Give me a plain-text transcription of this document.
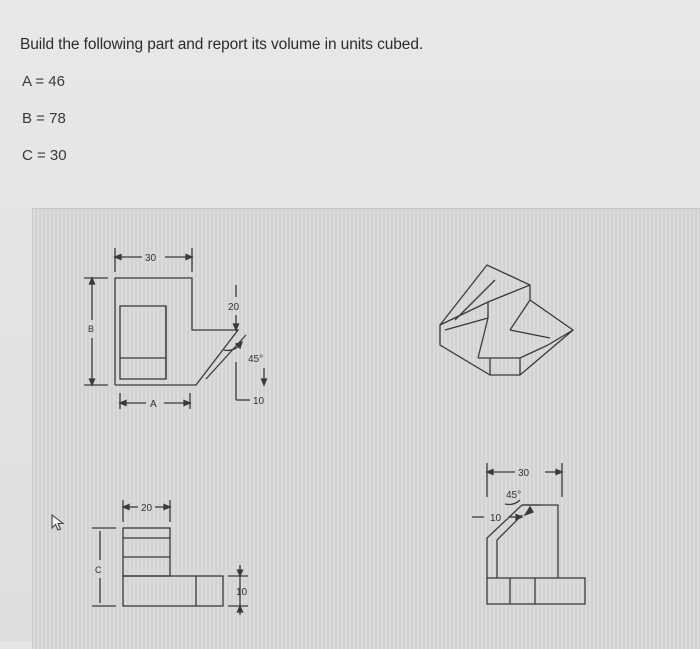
Build the following part and report its volume in units cubed.
A = 46
B = 78
C = 30
30
B
A
20
45°
10
20
C
10
30
45°
10
